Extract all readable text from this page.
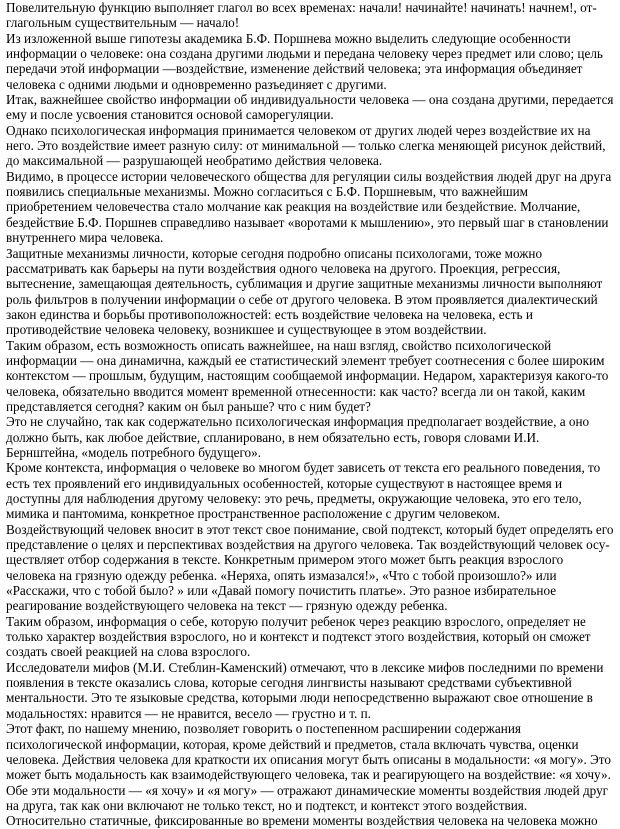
Повелительную функцию выполняет глагол во всех временах: начали! начинайте! начинать! начнем!, отглагольным существительным — начало!

Из изложенной выше гипотезы академика Б.Ф. Поршнева можно выделить следующие особенности информации о человеке: она создана другими людьми и передана человеку через предмет или слово; цель передачи этой информации —воздействие, изменение действий человека; эта информация объединяет человека с одними людьми и одновременно разъединяет с другими.

Итак, важнейшее свойство информации об индивидуальности человека — она создана другими, передается ему и после усвоения становится основой саморегуляции.

Однако психологическая информация принимается человеком от других людей через воздействие их на него. Это воздействие имеет разную силу: от минимальной — только слегка меняющей рисунок действий, до максимальной — разрушающей необратимо действия человека.

Видимо, в процессе истории человеческого общества для регуляции силы воздействия людей друг на друга появились специальные механизмы. Можно согласиться с Б.Ф. Поршневым, что важнейшим приобретением человечества стало молчание как реакция на воздействие или бездействие. Молчание, бездействие Б.Ф. Поршнев справедливо называет «воротами к мышлению», это первый шаг в становлении внутреннего мира человека.

Защитные механизмы личности, которые сегодня подробно описаны психологами, тоже можно рассматривать как барьеры на пути воздействия одного человека на другого. Проекция, регрессия, вытеснение, замещающая деятельность, сублимация и другие защитные механизмы личности выполняют роль фильтров в получении информации о себе от другого человека. В этом проявляется диалектический закон единства и борьбы противоположностей: есть воздействие человека на человека, есть и противодействие человека человеку, возникшее и существующее в этом воздействии.

Таким образом, есть возможность описать важнейшее, на наш взгляд, свойство психологической информации — она динамична, каждый ее статистический элемент требует соотнесения с более широким контекстом — прошлым, будущим, настоящим сообщаемой информации. Недаром, характеризуя какого-то человека, обязательно вводится момент временной отнесенности: как часто? всегда ли он такой, каким представляется сегодня? каким он был раньше? что с ним будет?

Это не случайно, так как содержательно психологическая информация предполагает воздействие, а оно должно быть, как любое действие, спланировано, в нем обязательно есть, говоря словами И.И. Бернштейна, «модель потребного будущего».

Кроме контекста, информация о человеке во многом будет зависеть от текста его реального поведения, то есть тех проявлений его индивидуальных особенностей, которые существуют в настоящее время и доступны для наблюдения другому человеку: это речь, предметы, окружающие человека, это его тело, мимика и пантомима, конкретное пространственное расположение с другим человеком.

Воздействующий человек вносит в этот текст свое понимание, свой подтекст, который будет определять его представление о целях и перспективах воздействия на другого человека. Так воздействующий человек осуществляет отбор содержания в тексте. Конкретным примером этого может быть реакция взрослого человека на грязную одежду ребенка. «Неряха, опять измазался!», «Что с тобой произошло?» или «Расскажи, что с тобой было? » или «Давай помогу почистить платье». Это разное избирательное реагирование воздействующего человека на текст — грязную одежду ребенка.

Таким образом, информация о себе, которую получит ребенок через реакцию взрослого, определяет не только характер воздействия взрослого, но и контекст и подтекст этого воздействия, который он сможет создать своей реакцией на слова взрослого.

Исследователи мифов (М.И. Стеблин-Каменский) отмечают, что в лексике мифов последними по времени появления в тексте оказались слова, которые сегодня лингвисты называют средствами субъективной ментальности. Это те языковые средства, которыми люди непосредственно выражают свое отношение в модальностях: нравится — не нравится, весело — грустно и т. п.

Этот факт, по нашему мнению, позволяет говорить о постепенном расширении содержания психологической информации, которая, кроме действий и предметов, стала включать чувства, оценки человека. Действия человека для краткости их описания могут быть описаны в модальности: «я могу». Это может быть модальность как взаимодействующего человека, так и реагирующего на воздействие: «я хочу». Обе эти модальности — «я хочу» и «я могу» — отражают динамические моменты воздействия людей друг на друга, так как они включают не только текст, но и подтекст, и контекст этого воздействия.

Относительно статичные, фиксированные во времени моменты воздействия человека на человека можно
